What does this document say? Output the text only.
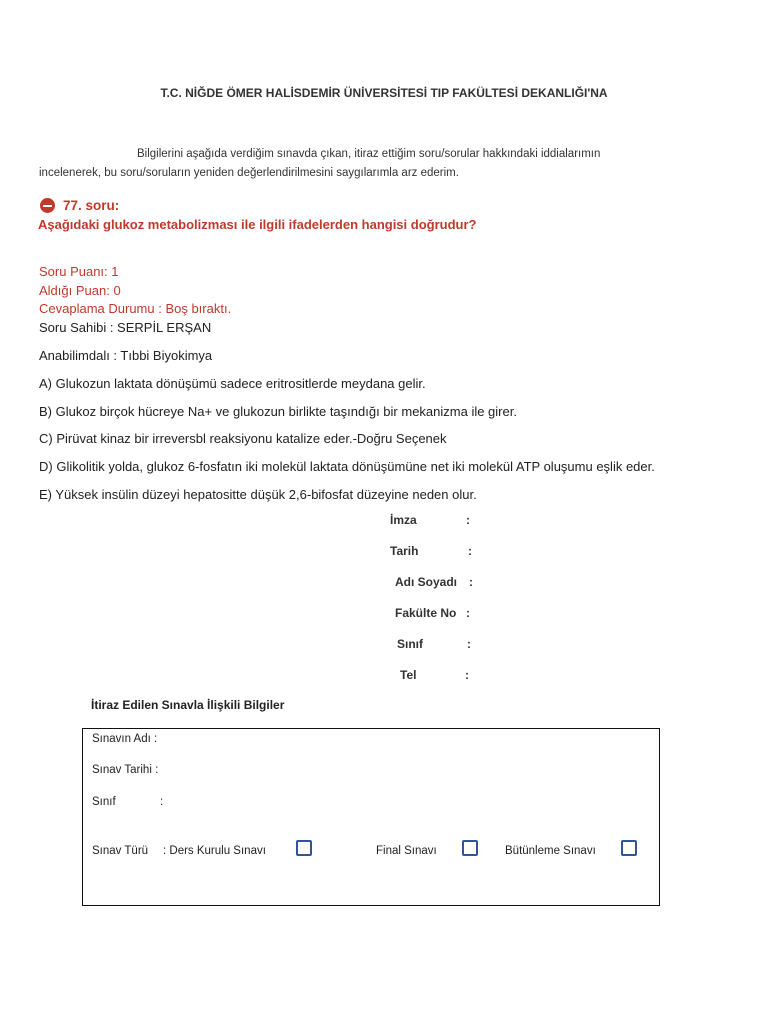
T.C. NİĞDE ÖMER HALİSDEMİR ÜNİVERSİTESİ TIP FAKÜLTESİ DEKANLIĞI'NA
Bilgilerini aşağıda verdiğim sınavda çıkan, itiraz ettiğim soru/sorular hakkındaki iddialarımın
incelenerek, bu soru/soruların yeniden değerlendirilmesini saygılarımla arz ederim.
77. soru:
Aşağıdaki glukoz metabolizması ile ilgili ifadelerden hangisi doğrudur?
Soru Puanı: 1
Aldığı Puan: 0
Cevaplama Durumu : Boş bıraktı.
Soru Sahibi : SERPİL ERŞAN
Anabilimdalı : Tıbbi Biyokimya
A) Glukozun laktata dönüşümü sadece eritrositlerde meydana gelir.
B) Glukoz birçok hücreye Na+ ve glukozun birlikte taşındığı bir mekanizma ile girer.
C) Pirüvat kinaz bir irreversbl reaksiyonu katalize eder.-Doğru Seçenek
D) Glikolitik yolda, glukoz 6-fosfatın iki molekül laktata dönüşümüne net iki molekül ATP oluşumu eşlik eder.
E) Yüksek insülin düzeyi hepatositte düşük 2,6-bifosfat düzeyine neden olur.
İmza	:
Tarih	:
Adı Soyadı :
Fakülte No :
Sınıf	:
Tel	:
İtiraz Edilen Sınavla İlişkili Bilgiler
Sınavın Adı :
Sınav Tarihi :
Sınıf	:
Sınav Türü : Ders Kurulu Sınavı	Final Sınavı	Bütünleme Sınavı
